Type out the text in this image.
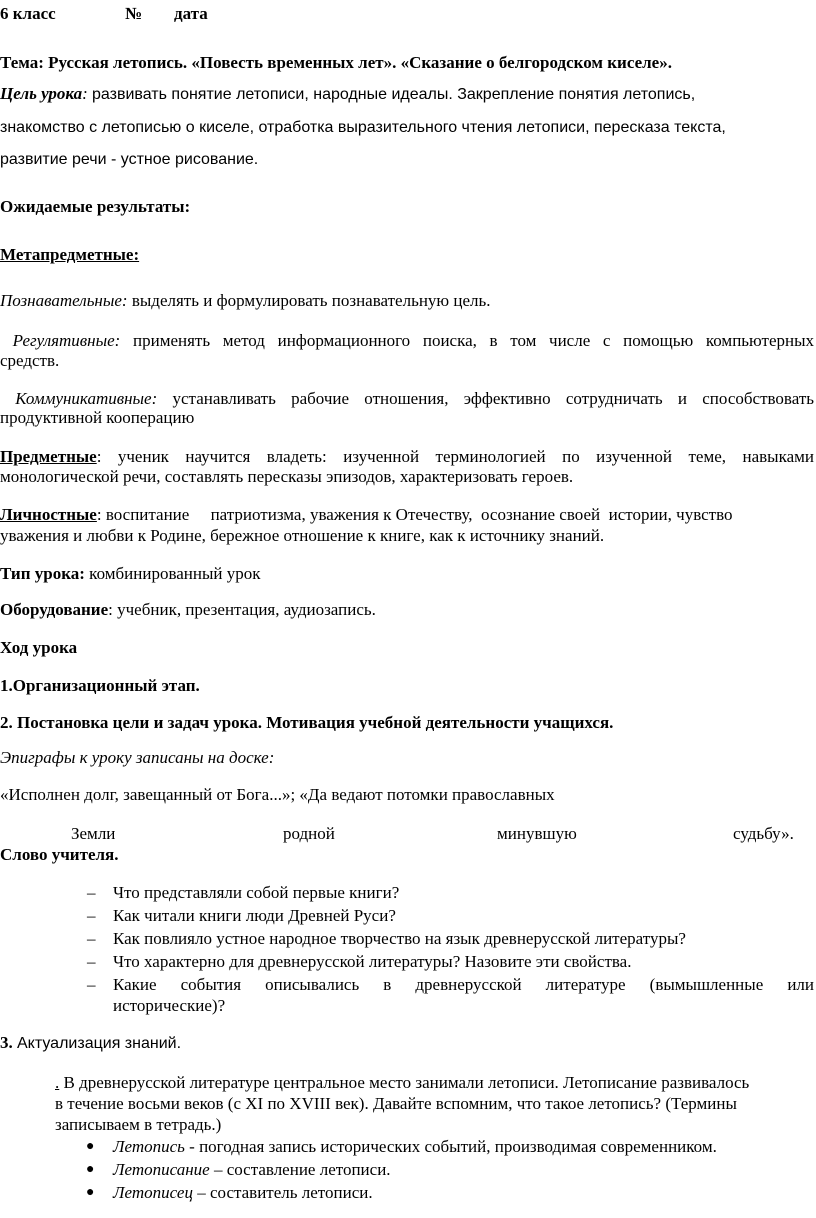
6 класс	№ дата
Тема: Русская летопись. «Повесть временных лет». «Сказание о белгородском киселе».
Цель урока: развивать понятие летописи, народные идеалы. Закрепление понятия летопись,
знакомство с летописью о киселе, отработка выразительного чтения летописи, пересказа текста,
развитие речи - устное рисование.
Ожидаемые результаты:
Метапредметные:
Познавательные: выделять и формулировать познавательную цель.
Регулятивные: применять метод информационного поиска, в том числе с помощью компьютерных
средств.
Коммуникативные: устанавливать рабочие отношения, эффективно сотрудничать и способствовать
продуктивной кооперацию
Предметные: ученик научится владеть: изученной терминологией по изученной теме, навыками
монологической речи, составлять пересказы эпизодов, характеризовать героев.
Личностные: воспитание     патриотизма, уважения к Отечеству,  осознание своей  истории, чувство
уважения и любви к Родине, бережное отношение к книге, как к источнику знаний.
Тип урока: комбинированный урок
Оборудование: учебник, презентация, аудиозапись.
Ход урока
1.Организационный этап.
2. Постановка цели и задач урока. Мотивация учебной деятельности учащихся.
Эпиграфы к уроку записаны на доске:
«Исполнен долг, завещанный от Бога...»; «Да ведают потомки православных
Земли	родной	минувшую	судьбу».
Слово учителя.
– Что представляли собой первые книги?
– Как читали книги люди Древней Руси?
– Как повлияло устное народное творчество на язык древнерусской литературы?
– Что характерно для древнерусской литературы? Назовите эти свойства.
– Какие события описывались в древнерусской литературе (вымышленные или
исторические)?
3. Актуализация знаний.
. В древнерусской литературе центральное место занимали летописи. Летописание развивалось
в течение восьми веков (с XI по XVIII век). Давайте вспомним, что такое летопись? (Термины
записываем в тетрадь.)
● Летопись - погодная запись исторических событий, производимая современником.
● Летописание – составление летописи.
● Летописец – составитель летописи.
